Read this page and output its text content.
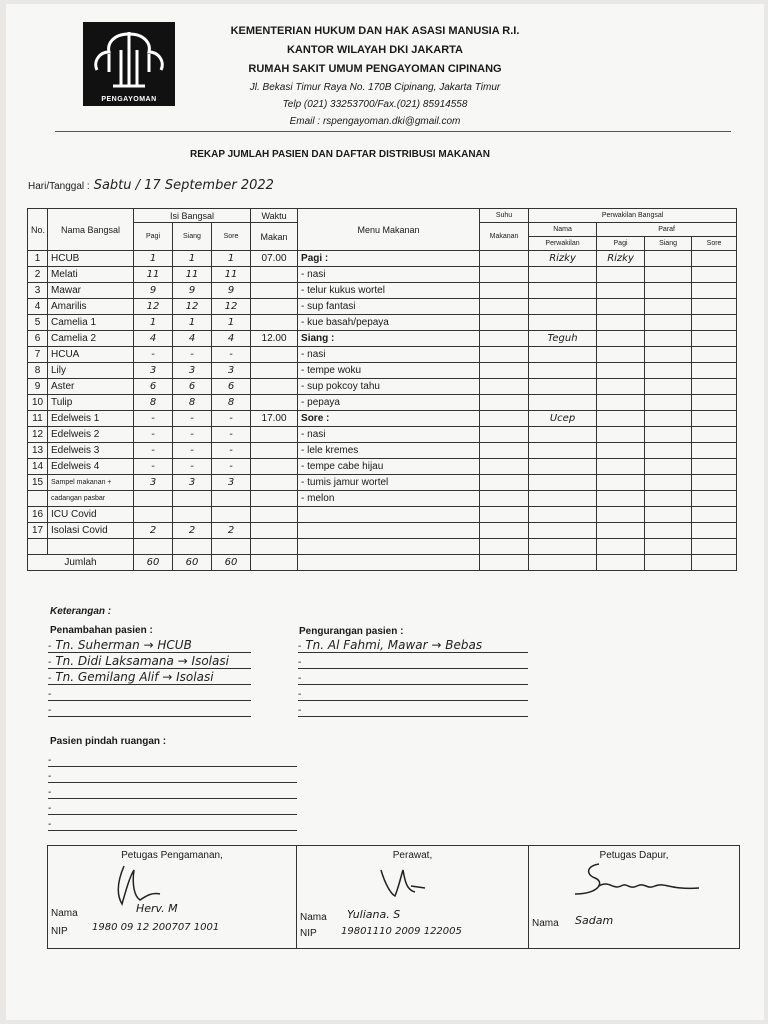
PENGAYOMAN
KEMENTERIAN HUKUM DAN HAK ASASI MANUSIA R.I.
KANTOR WILAYAH DKI JAKARTA
RUMAH SAKIT UMUM PENGAYOMAN CIPINANG
Jl. Bekasi Timur Raya No. 170B Cipinang, Jakarta Timur
Telp (021) 33253700/Fax.(021) 85914558
Email : rspengayoman.dki@gmail.com
REKAP JUMLAH PASIEN DAN DAFTAR DISTRIBUSI MAKANAN
Hari/Tanggal : Sabtu / 17 September 2022
No.	Nama Bangsal	Isi Bangsal			Waktu	Menu Makanan	Suhu	Perwakilan Bangsal			
		Pagi	Siang	Sore	Makan		Makanan	Nama	Paraf		
								Perwakilan	Pagi	Siang	Sore
1	HCUB	1	1	1	07.00	Pagi :		Rizky	Rizky		
2	Melati	11	11	11		- nasi					
3	Mawar	9	9	9		- telur kukus wortel					
4	Amarilis	12	12	12		- sup fantasi					
5	Camelia 1	1	1	1		- kue basah/pepaya					
6	Camelia 2	4	4	4	12.00	Siang :		Teguh			
7	HCUA	-	-	-		- nasi					
8	Lily	3	3	3		- tempe woku					
9	Aster	6	6	6		- sup pokcoy tahu					
10	Tulip	8	8	8		- pepaya					
11	Edelweis 1	-	-	-	17.00	Sore :		Ucep			
12	Edelweis 2	-	-	-		- nasi					
13	Edelweis 3	-	-	-		- lele kremes					
14	Edelweis 4	-	-	-		- tempe cabe hijau					
15	Sampel makanan +	3	3	3		- tumis jamur wortel					
	cadangan pasbar					- melon					
16	ICU Covid										
17	Isolasi Covid	2	2	2							

Jumlah		60	60	60							
Keterangan :
Penambahan pasien :	Pengurangan pasien :
- Tn. Suherman → HCUB
- Tn. Didi Laksamana → Isolasi
- Tn. Gemilang Alif → Isolasi
-
-
- Tn. Al Fahmi, Mawar → Bebas
-
-
-
-
Pasien pindah ruangan :
-
-
-
-
-
Petugas Pengamanan,
Nama	Herv. M
NIP 1980 09 12 200707 1001

Perawat,
Nama Yuliana. S
NIP 19801110 2009 122005

Petugas Dapur,
Nama Sadam
